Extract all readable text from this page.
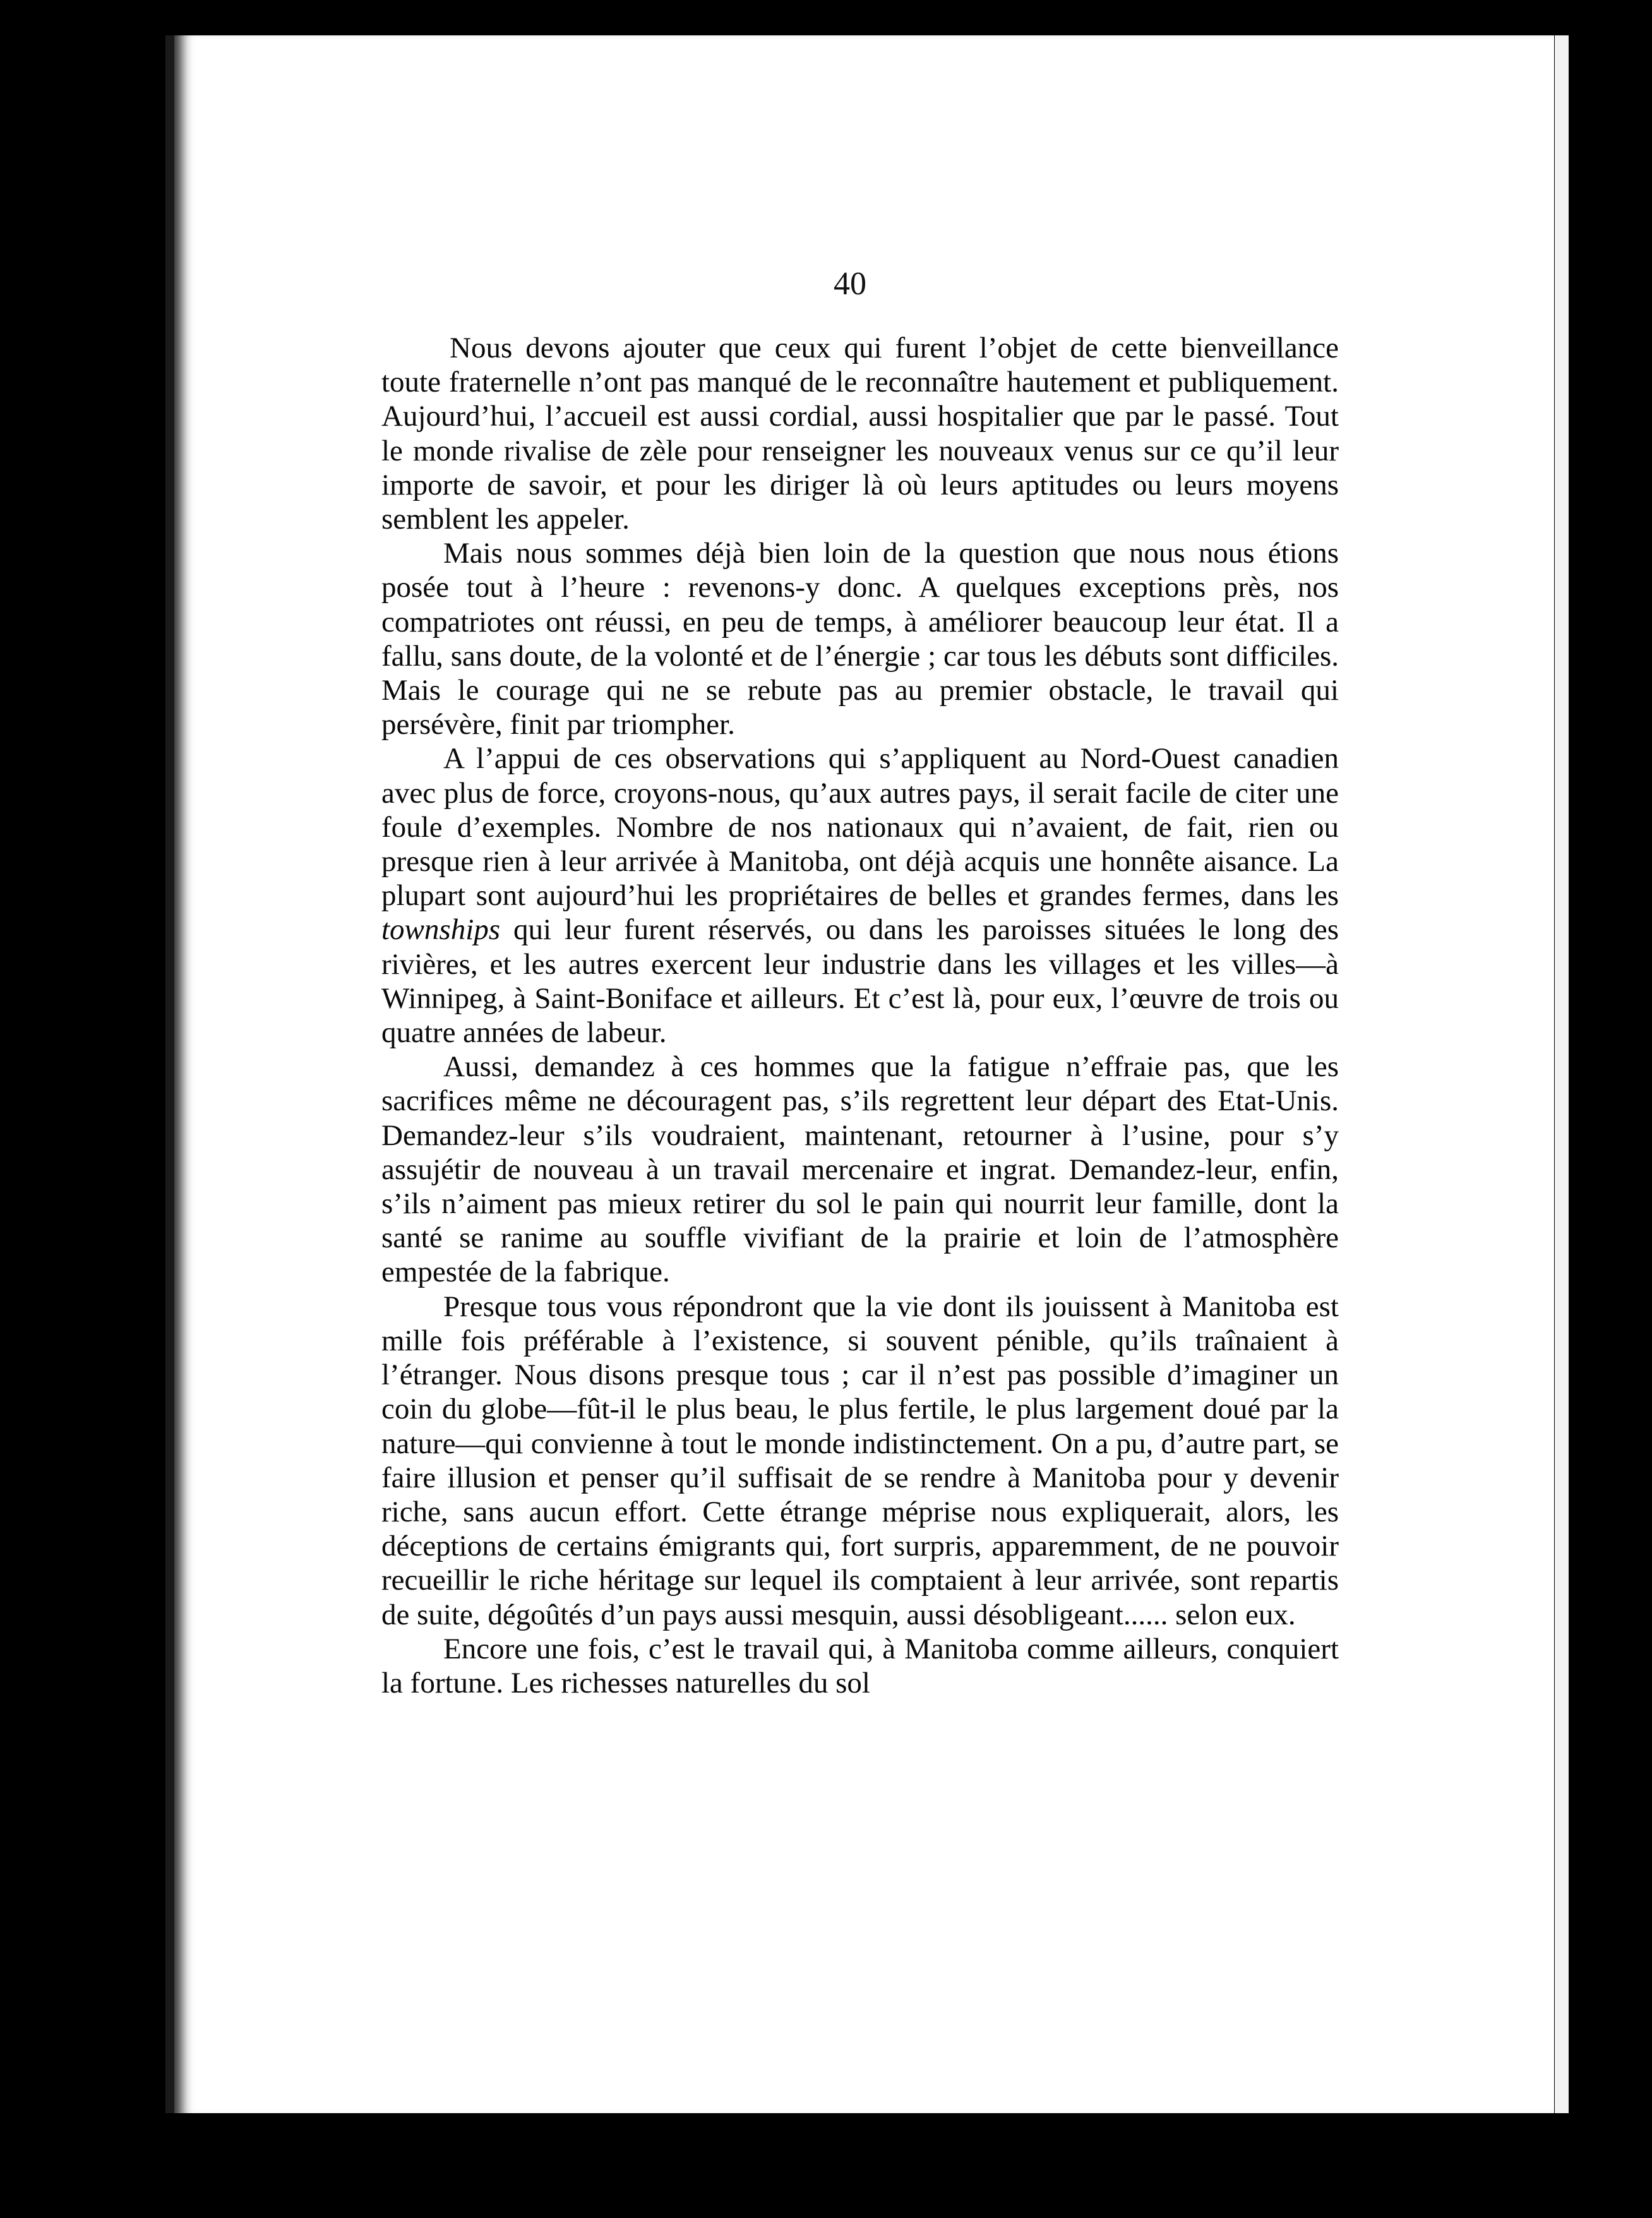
40

Nous devons ajouter que ceux qui furent l’objet de cette bienveillance toute fraternelle n’ont pas manqué de le reconnaître hautement et publiquement. Aujourd’hui, l’accueil est aussi cordial, aussi hospitalier que par le passé. Tout le monde rivalise de zèle pour renseigner les nouveaux venus sur ce qu’il leur importe de savoir, et pour les diriger là où leurs aptitudes ou leurs moyens semblent les appeler.

Mais nous sommes déjà bien loin de la question que nous nous étions posée tout à l’heure : revenons-y donc. A quelques exceptions près, nos compatriotes ont réussi, en peu de temps, à améliorer beaucoup leur état. Il a fallu, sans doute, de la volonté et de l’énergie ; car tous les débuts sont difficiles. Mais le courage qui ne se rebute pas au premier obstacle, le travail qui persévère, finit par triompher.

A l’appui de ces observations qui s’appliquent au Nord-Ouest canadien avec plus de force, croyons-nous, qu’aux autres pays, il serait facile de citer une foule d’exemples. Nombre de nos nationaux qui n’avaient, de fait, rien ou presque rien à leur arrivée à Manitoba, ont déjà acquis une honnête aisance. La plupart sont aujourd’hui les propriétaires de belles et grandes fermes, dans les townships qui leur furent réservés, ou dans les paroisses situées le long des rivières, et les autres exercent leur industrie dans les villages et les villes—à Winnipeg, à Saint-Boniface et ailleurs. Et c’est là, pour eux, l’œuvre de trois ou quatre années de labeur.

Aussi, demandez à ces hommes que la fatigue n’effraie pas, que les sacrifices même ne découragent pas, s’ils regrettent leur départ des Etat-Unis. Demandez-leur s’ils voudraient, maintenant, retourner à l’usine, pour s’y assujétir de nouveau à un travail mercenaire et ingrat. Demandez-leur, enfin, s’ils n’aiment pas mieux retirer du sol le pain qui nourrit leur famille, dont la santé se ranime au souffle vivifiant de la prairie et loin de l’atmosphère empestée de la fabrique.

Presque tous vous répondront que la vie dont ils jouissent à Manitoba est mille fois préférable à l’existence, si souvent pénible, qu’ils traînaient à l’étranger. Nous disons presque tous ; car il n’est pas possible d’imaginer un coin du globe—fût-il le plus beau, le plus fertile, le plus largement doué par la nature—qui convienne à tout le monde indistinctement. On a pu, d’autre part, se faire illusion et penser qu’il suffisait de se rendre à Manitoba pour y devenir riche, sans aucun effort. Cette étrange méprise nous expliquerait, alors, les déceptions de certains émigrants qui, fort surpris, apparemment, de ne pouvoir recueillir le riche héritage sur lequel ils comptaient à leur arrivée, sont repartis de suite, dégoûtés d’un pays aussi mesquin, aussi désobligeant...... selon eux.

Encore une fois, c’est le travail qui, à Manitoba comme ailleurs, conquiert la fortune. Les richesses naturelles du sol
